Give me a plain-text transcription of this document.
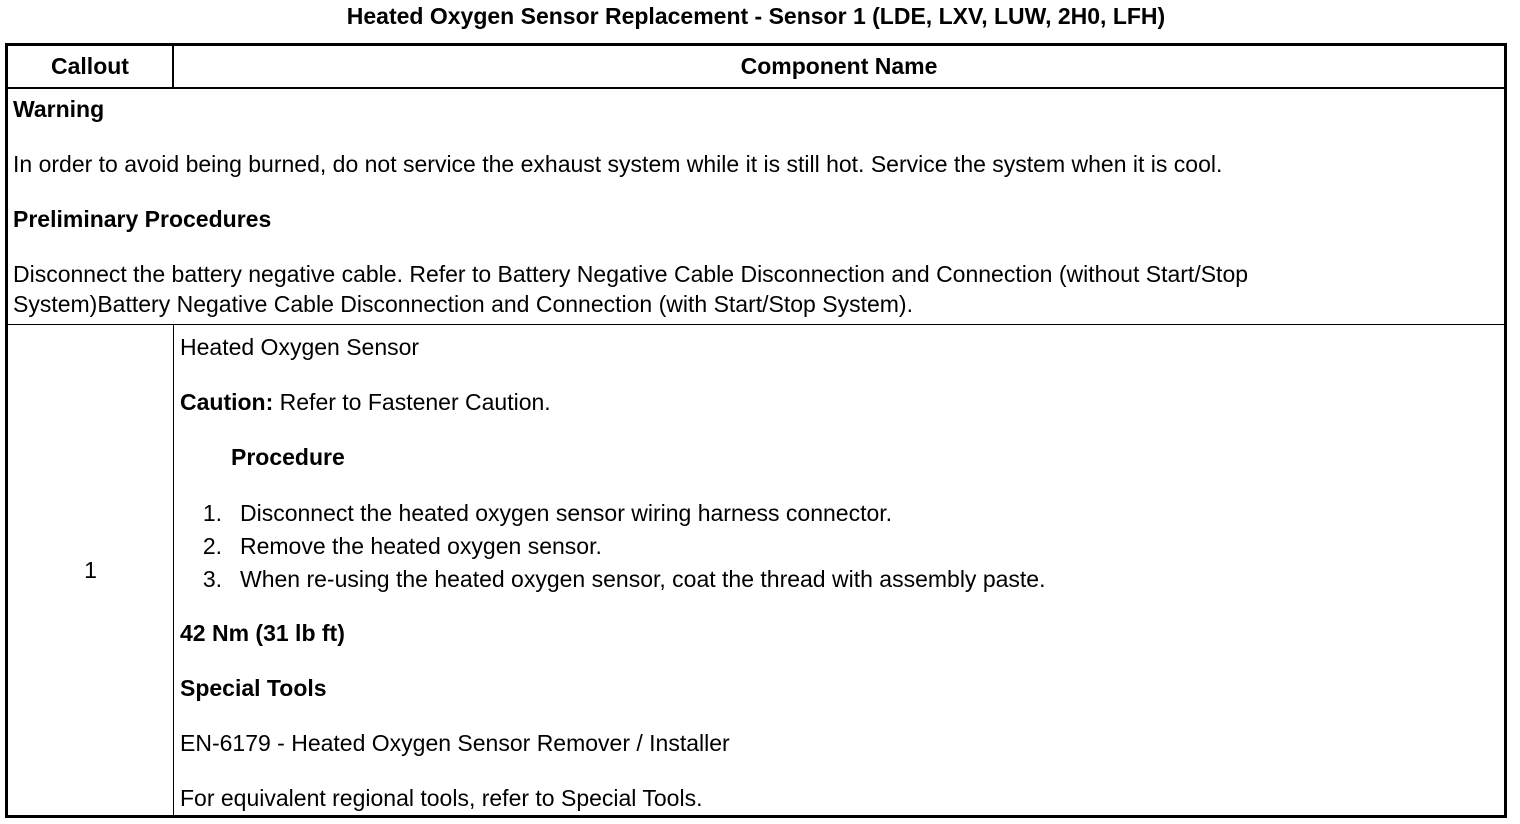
Heated Oxygen Sensor Replacement - Sensor 1 (LDE, LXV, LUW, 2H0, LFH)
Callout	Component Name

Warning

In order to avoid being burned, do not service the exhaust system while it is still hot. Service the system when it is cool.

Preliminary Procedures

Disconnect the battery negative cable. Refer to Battery Negative Cable Disconnection and Connection (without Start/Stop

System)Battery Negative Cable Disconnection and Connection (with Start/Stop System).

1

Heated Oxygen Sensor

Caution: Refer to Fastener Caution.

Procedure

1. Disconnect the heated oxygen sensor wiring harness connector.
2. Remove the heated oxygen sensor.
3. When re-using the heated oxygen sensor, coat the thread with assembly paste.

42 Nm (31 lb ft)

Special Tools

EN-6179 - Heated Oxygen Sensor Remover / Installer

For equivalent regional tools, refer to Special Tools.
